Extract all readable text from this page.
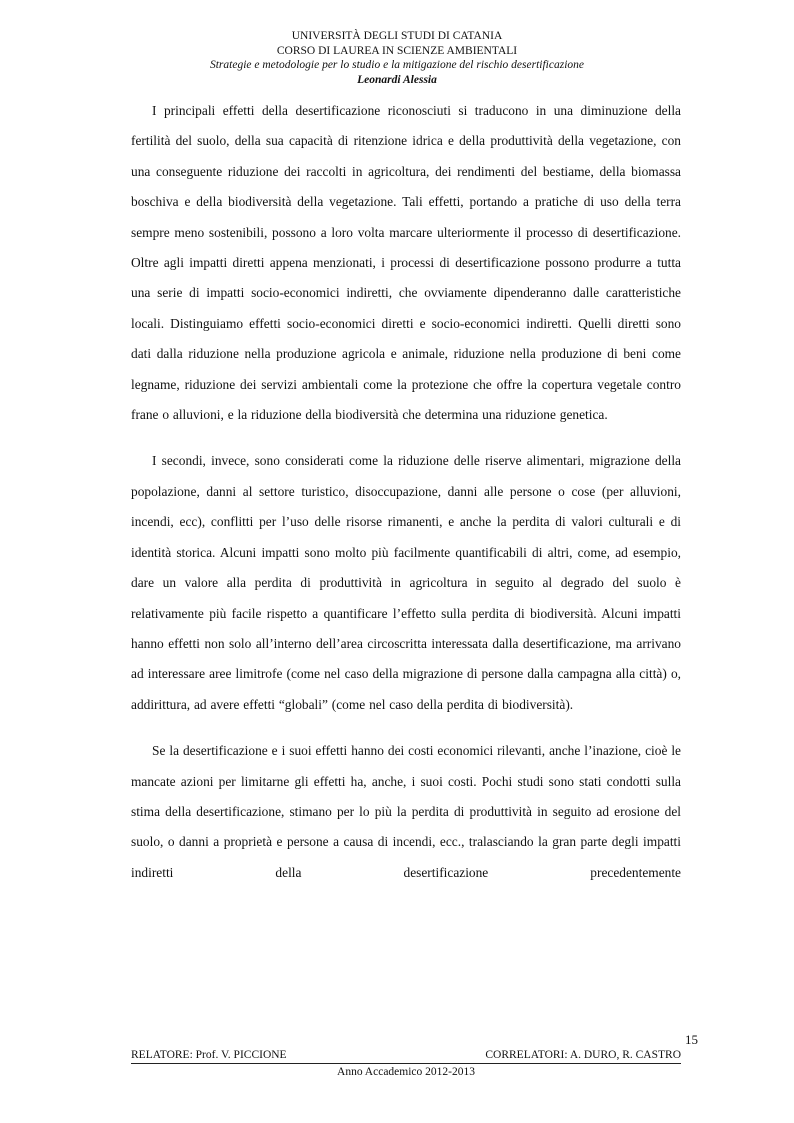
UNIVERSITÀ DEGLI STUDI DI CATANIA
CORSO DI LAUREA IN SCIENZE AMBIENTALI
Strategie e metodologie per lo studio e la mitigazione del rischio desertificazione
Leonardi Alessia

I principali effetti della desertificazione riconosciuti si traducono in una diminuzione della fertilità del suolo, della sua capacità di ritenzione idrica e della produttività della vegetazione, con una conseguente riduzione dei raccolti in agricoltura, dei rendimenti del bestiame, della biomassa boschiva e della biodiversità della vegetazione. Tali effetti, portando a pratiche di uso della terra sempre meno sostenibili, possono a loro volta marcare ulteriormente il processo di desertificazione. Oltre agli impatti diretti appena menzionati, i processi di desertificazione possono produrre a tutta una serie di impatti socio-economici indiretti, che ovviamente dipenderanno dalle caratteristiche locali. Distinguiamo effetti socio-economici diretti e socio-economici indiretti. Quelli diretti sono dati dalla riduzione nella produzione agricola e animale, riduzione nella produzione di beni come legname, riduzione dei servizi ambientali come la protezione che offre la copertura vegetale contro frane o alluvioni, e la riduzione della biodiversità che determina una riduzione genetica.

I secondi, invece, sono considerati come la riduzione delle riserve alimentari, migrazione della popolazione, danni al settore turistico, disoccupazione, danni alle persone o cose (per alluvioni, incendi, ecc), conflitti per l’uso delle risorse rimanenti, e anche la perdita di valori culturali e di identità storica. Alcuni impatti sono molto più facilmente quantificabili di altri, come, ad esempio, dare un valore alla perdita di produttività in agricoltura in seguito al degrado del suolo è relativamente più facile rispetto a quantificare l’effetto sulla perdita di biodiversità. Alcuni impatti hanno effetti non solo all’interno dell’area circoscritta interessata dalla desertificazione, ma arrivano ad interessare aree limitrofe (come nel caso della migrazione di persone dalla campagna alla città) o, addirittura, ad avere effetti “globali” (come nel caso della perdita di biodiversità).

Se la desertificazione e i suoi effetti hanno dei costi economici rilevanti, anche l’inazione, cioè le mancate azioni per limitarne gli effetti ha, anche, i suoi costi. Pochi studi sono stati condotti sulla stima della desertificazione, stimano per lo più la perdita di produttività in seguito ad erosione del suolo, o danni a proprietà e persone a causa di incendi, ecc., tralasciando la gran parte degli impatti indiretti della desertificazione precedentemente

15
RELATORE: Prof. V. PICCIONE	CORRELATORI: A. DURO, R. CASTRO
Anno Accademico 2012-2013
